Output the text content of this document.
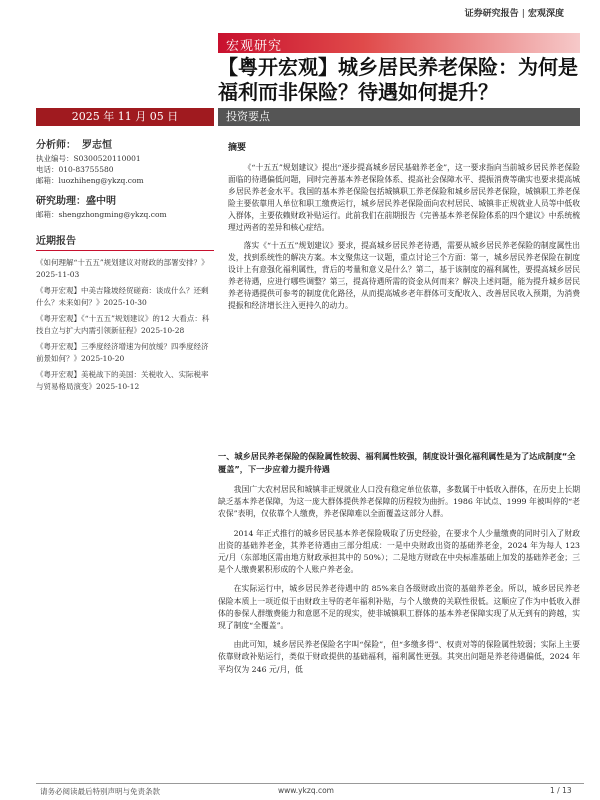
证券研究报告 | 宏观深度
宏观研究
【粤开宏观】城乡居民养老保险：为何是福利而非保险？待遇如何提升？
2025 年 11 月 05 日	投资要点
分析师： 罗志恒
执业编号：S0300520110001
电话：010-83755580
邮箱：luozhiheng@ykzq.com
研究助理：盛中明
邮箱：shengzhongming@ykzq.com
近期报告
《如何理解“十五五”规划建议对财政的部署安排？》2025-11-03
《粤开宏观】中美吉隆坡经贸磋商：谈成什么？还剩什么？未来如何？》2025-10-30
《粤开宏观】《“十五五”规划建议》的12 大看点：科技自立与扩大内需引领新征程》2025-10-28
《粤开宏观】三季度经济增速为何放缓？四季度经济前景如何？》2025-10-20
《粤开宏观】美税战下的美国：关税收入、实际税率与贸易格局演变》2025-10-12
摘要

《“十五五”规划建议》提出“逐步提高城乡居民基础养老金”，这一要求指向当前城乡居民养老保险面临的待遇偏低问题，同时完善基本养老保险体系、提高社会保障水平、提振消费等确实也要求提高城乡居民养老金水平。我国的基本养老保险包括城镇职工养老保险和城乡居民养老保险，城镇职工养老保险主要依靠用人单位和职工缴费运行，城乡居民养老保险面向农村居民、城镇非正规就业人员等中低收入群体，主要依赖财政补贴运行。此前我们在前期报告《完善基本养老保险体系的四个建议》中系统梳理过两者的差异和核心症结。

落实《“十五五”规划建议》要求，提高城乡居民养老待遇，需要从城乡居民养老保险的制度属性出发，找到系统性的解决方案。本文聚焦这一议题，重点讨论三个方面：第一，城乡居民养老保险在制度设计上有意强化福利属性，背后的考量和意义是什么？第二，基于该制度的福利属性，要提高城乡居民养老待遇，应进行哪些调整？第三，提高待遇所需的资金从何而来？解决上述问题，能为提升城乡居民养老待遇提供可参考的制度优化路径，从而提高城乡老年群体可支配收入、改善居民收入预期，为消费提振和经济增长注入更持久的动力。

一、城乡居民养老保险的保险属性较弱、福利属性较强，制度设计强化福利属性是为了达成制度“全覆盖”，下一步应着力提升待遇

我国广大农村居民和城镇非正规就业人口没有稳定单位依靠，多数属于中低收入群体，在历史上长期缺乏基本养老保障，为这一庞大群体提供养老保障的历程较为曲折。1986 年试点、1999 年被叫停的“老农保”表明，仅依靠个人缴费，养老保障难以全面覆盖这部分人群。

2014 年正式推行的城乡居民基本养老保险吸取了历史经验，在要求个人少量缴费的同时引入了财政出资的基础养老金，其养老待遇由三部分组成：一是中央财政出资的基础养老金，2024 年为每人 123 元/月（东部地区需由地方财政承担其中的 50%）；二是地方财政在中央标准基础上加发的基础养老金；三是个人缴费累积形成的个人账户养老金。

在实际运行中，城乡居民养老待遇中的 85%来自各级财政出资的基础养老金。所以，城乡居民养老保险本质上一项近似于由财政主导的老年福利补贴，与个人缴费的关联性很低。这顺应了作为中低收入群体的参保人群缴费能力和意愿不足的现实，使非城镇职工群体的基本养老保障实现了从无到有的跨越，实现了制度“全覆盖”。

由此可知，城乡居民养老保险名字叫“保险”，但“多缴多得”、权责对等的保险属性较弱；实际上主要依靠财政补贴运行，类似于财政提供的基础福利，福利属性更强。其突出问题是养老待遇偏低，2024 年平均仅为 246 元/月，低

请务必阅读最后特别声明与免责条款	www.ykzq.com	1 / 13
